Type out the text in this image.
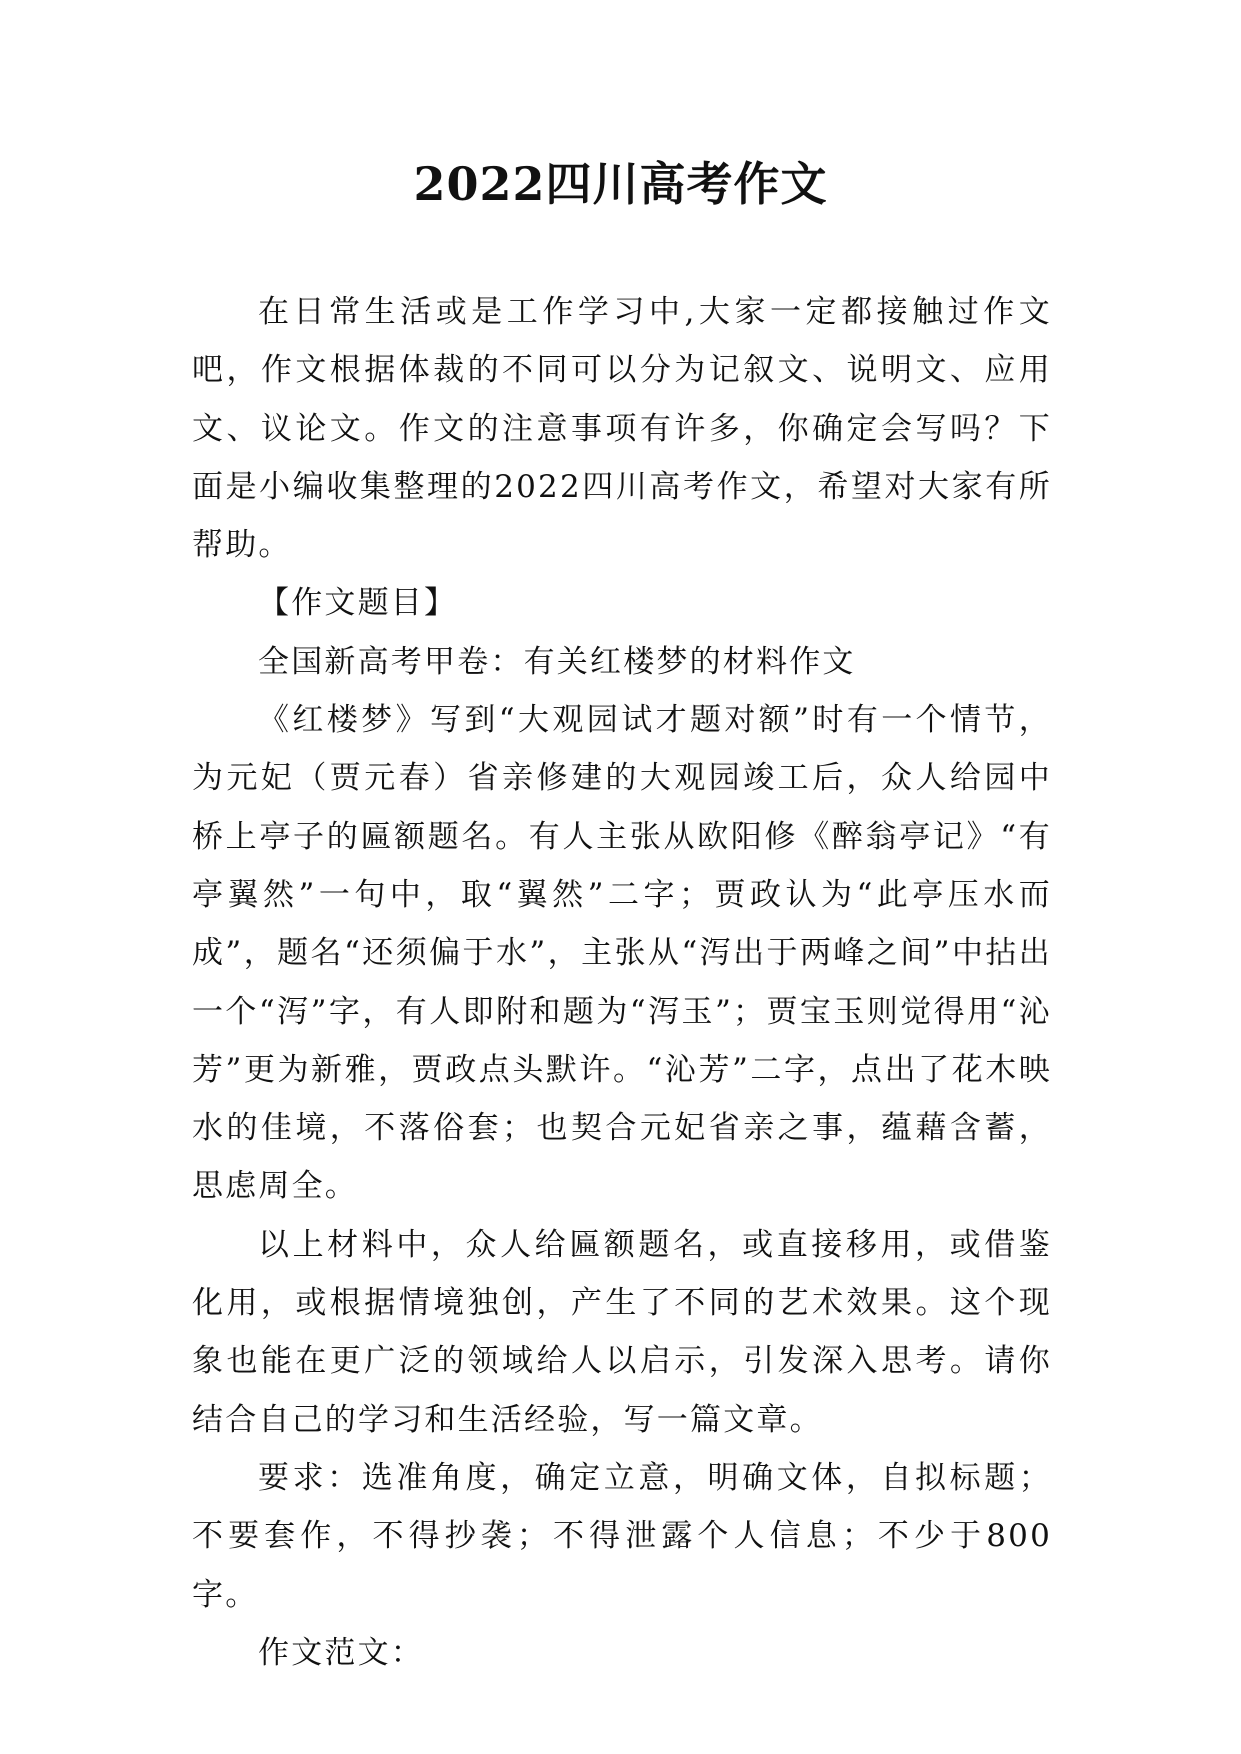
2022四川高考作文

在日常生活或是工作学习中,大家一定都接触过作文吧，作文根据体裁的不同可以分为记叙文、说明文、应用文、议论文。作文的注意事项有许多，你确定会写吗？下面是小编收集整理的2022四川高考作文，希望对大家有所帮助。

【作文题目】

全国新高考甲卷：有关红楼梦的材料作文

《红楼梦》写到“大观园试才题对额”时有一个情节，为元妃（贾元春）省亲修建的大观园竣工后，众人给园中桥上亭子的匾额题名。有人主张从欧阳修《醉翁亭记》“有亭翼然”一句中，取“翼然”二字；贾政认为“此亭压水而成”，题名“还须偏于水”，主张从“泻出于两峰之间”中拈出一个“泻”字，有人即附和题为“泻玉”；贾宝玉则觉得用“沁芳”更为新雅，贾政点头默许。“沁芳”二字，点出了花木映水的佳境，不落俗套；也契合元妃省亲之事，蕴藉含蓄，思虑周全。

以上材料中，众人给匾额题名，或直接移用，或借鉴化用，或根据情境独创，产生了不同的艺术效果。这个现象也能在更广泛的领域给人以启示，引发深入思考。请你结合自己的学习和生活经验，写一篇文章。

要求：选准角度，确定立意，明确文体，自拟标题；不要套作，不得抄袭；不得泄露个人信息；不少于800字。

作文范文：
